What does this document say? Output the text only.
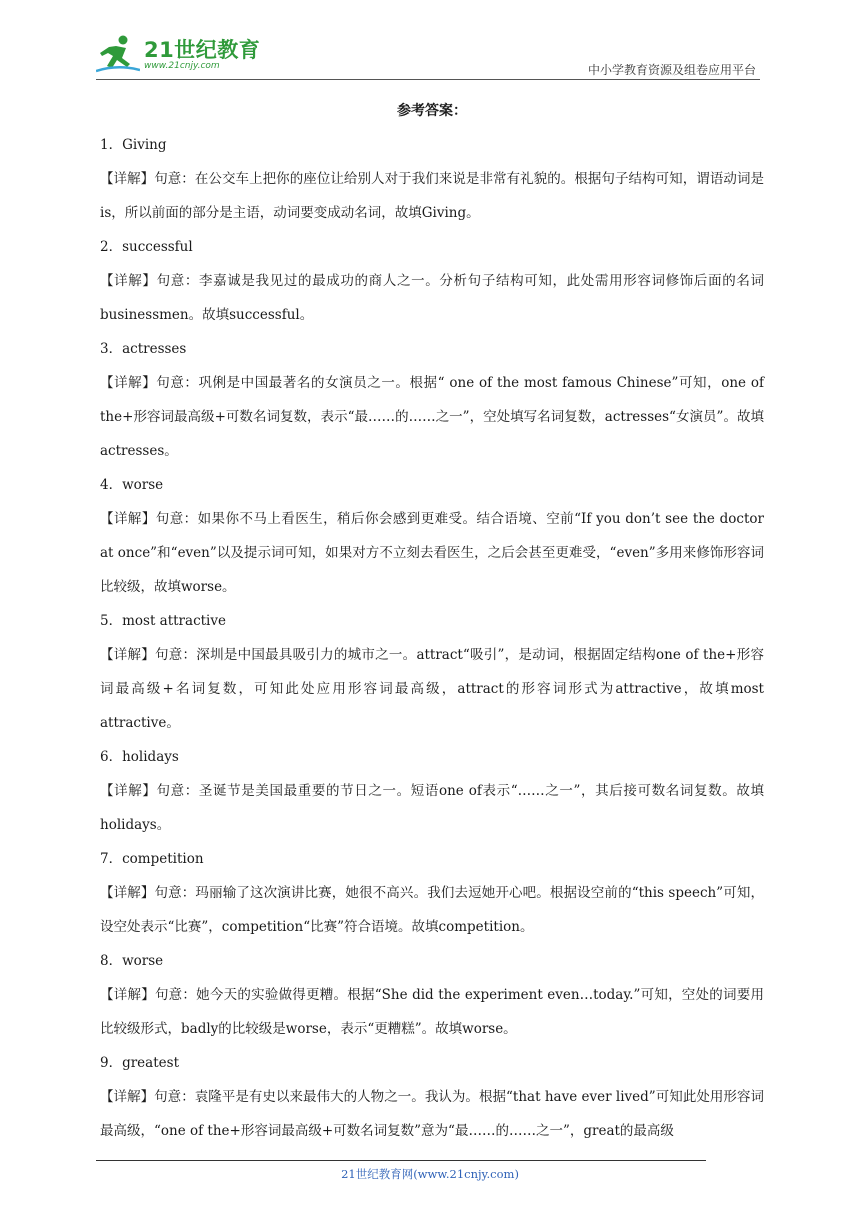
21世纪教育
www.21cnjy.com	中小学教育资源及组卷应用平台
参考答案：
1．Giving
【详解】句意：在公交车上把你的座位让给别人对于我们来说是非常有礼貌的。根据句子结构可知，谓语动词是is，所以前面的部分是主语，动词要变成动名词，故填Giving。
2．successful
【详解】句意：李嘉诚是我见过的最成功的商人之一。分析句子结构可知，此处需用形容词修饰后面的名词businessmen。故填successful。
3．actresses
【详解】句意：巩俐是中国最著名的女演员之一。根据“ one of the most famous Chinese”可知，one of the+形容词最高级+可数名词复数，表示“最……的……之一”，空处填写名词复数，actresses“女演员”。故填actresses。
4．worse
【详解】句意：如果你不马上看医生，稍后你会感到更难受。结合语境、空前“If you don’t see the doctor at once”和“even”以及提示词可知，如果对方不立刻去看医生，之后会甚至更难受，“even”多用来修饰形容词比较级，故填worse。
5．most attractive
【详解】句意：深圳是中国最具吸引力的城市之一。attract“吸引”，是动词，根据固定结构one of the+形容词最高级+名词复数，可知此处应用形容词最高级，attract的形容词形式为attractive，故填most attractive。
6．holidays
【详解】句意：圣诞节是美国最重要的节日之一。短语one of表示“……之一”，其后接可数名词复数。故填holidays。
7．competition
【详解】句意：玛丽输了这次演讲比赛，她很不高兴。我们去逗她开心吧。根据设空前的“this speech”可知，设空处表示“比赛”，competition“比赛”符合语境。故填competition。
8．worse
【详解】句意：她今天的实验做得更糟。根据“She did the experiment even…today.”可知，空处的词要用比较级形式，badly的比较级是worse，表示“更糟糕”。故填worse。
9．greatest
【详解】句意：袁隆平是有史以来最伟大的人物之一。我认为。根据“that have ever lived”可知此处用形容词最高级，“one of the+形容词最高级+可数名词复数”意为“最……的……之一”，great的最高级
21世纪教育网(www.21cnjy.com)
